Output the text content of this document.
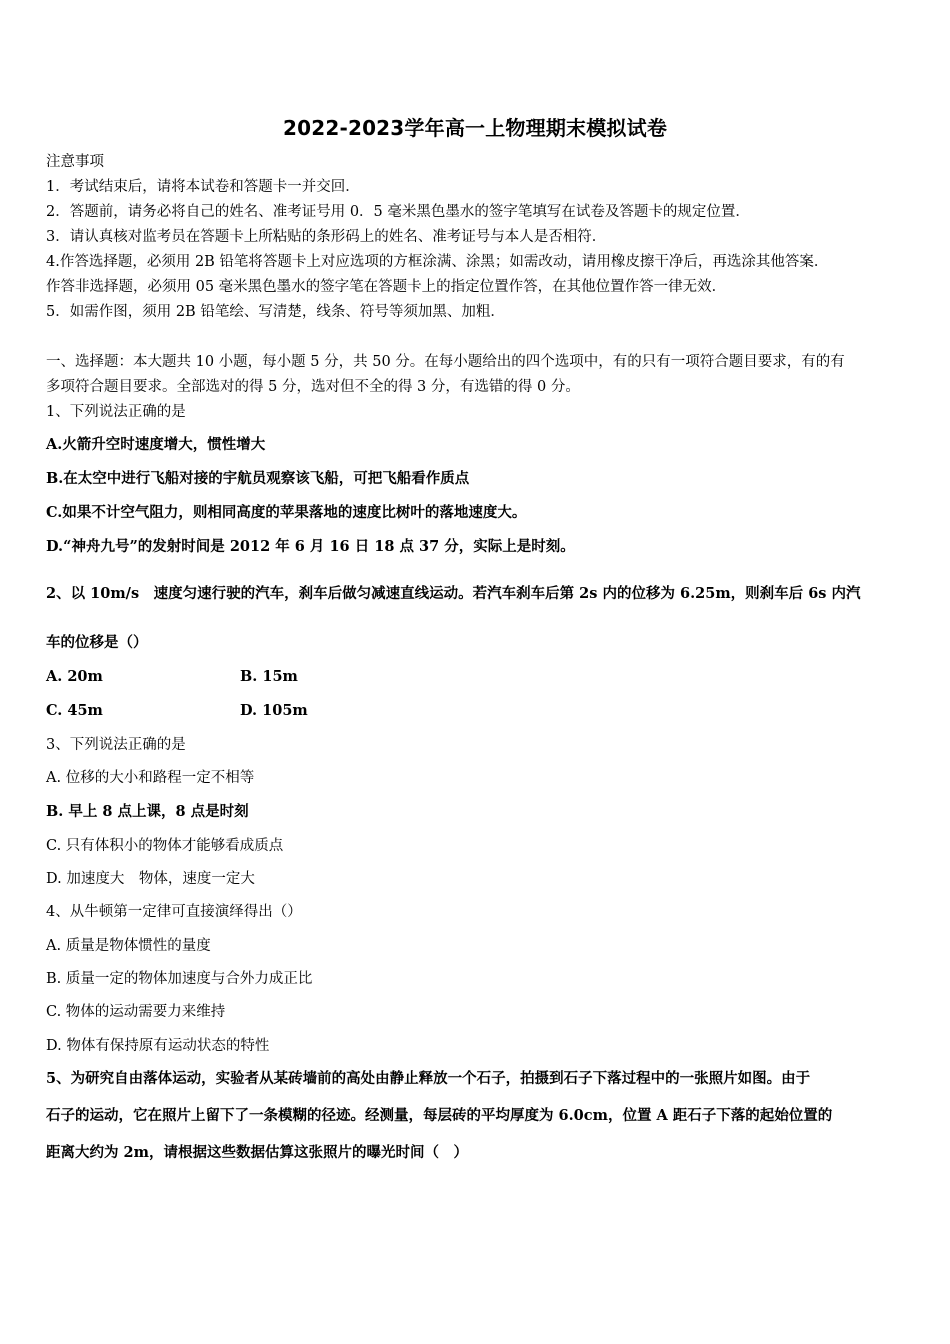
2022-2023学年高一上物理期末模拟试卷
注意事项
1．考试结束后，请将本试卷和答题卡一并交回．
2．答题前，请务必将自己的姓名、准考证号用 0．5 毫米黑色墨水的签字笔填写在试卷及答题卡的规定位置．
3．请认真核对监考员在答题卡上所粘贴的条形码上的姓名、准考证号与本人是否相符．
4.作答选择题，必须用 2B 铅笔将答题卡上对应选项的方框涂满、涂黑；如需改动，请用橡皮擦干净后，再选涂其他答案．
作答非选择题，必须用 05 毫米黑色墨水的签字笔在答题卡上的指定位置作答，在其他位置作答一律无效．
5．如需作图，须用 2B 铅笔绘、写清楚，线条、符号等须加黑、加粗．
一、选择题：本大题共 10 小题，每小题 5 分，共 50 分。在每小题给出的四个选项中，有的只有一项符合题目要求，有的有
多项符合题目要求。全部选对的得 5 分，选对但不全的得 3 分，有选错的得 0 分。
1、下列说法正确的是
A.火箭升空时速度增大，惯性增大
B.在太空中进行飞船对接的宇航员观察该飞船，可把飞船看作质点
C.如果不计空气阻力，则相同高度的苹果落地的速度比树叶的落地速度大。
D.“神舟九号”的发射时间是 2012 年 6 月 16 日 18 点 37 分，实际上是时刻。
2、以 10m/s　速度匀速行驶的汽车，刹车后做匀减速直线运动。若汽车刹车后第 2s 内的位移为 6.25m，则刹车后 6s 内汽
车的位移是（）
A. 20m	B. 15m
C. 45m	D. 105m
3、下列说法正确的是
A. 位移的大小和路程一定不相等
B. 早上 8 点上课，8 点是时刻
C. 只有体积小的物体才能够看成质点
D. 加速度大　物体，速度一定大
4、从牛顿第一定律可直接演绎得出（）
A. 质量是物体惯性的量度
B. 质量一定的物体加速度与合外力成正比
C. 物体的运动需要力来维持
D. 物体有保持原有运动状态的特性
5、为研究自由落体运动，实验者从某砖墙前的高处由静止释放一个石子，拍摄到石子下落过程中的一张照片如图。由于
石子的运动，它在照片上留下了一条模糊的径迹。经测量，每层砖的平均厚度为 6.0cm，位置 A 距石子下落的起始位置的
距离大约为 2m，请根据这些数据估算这张照片的曝光时间（　）
